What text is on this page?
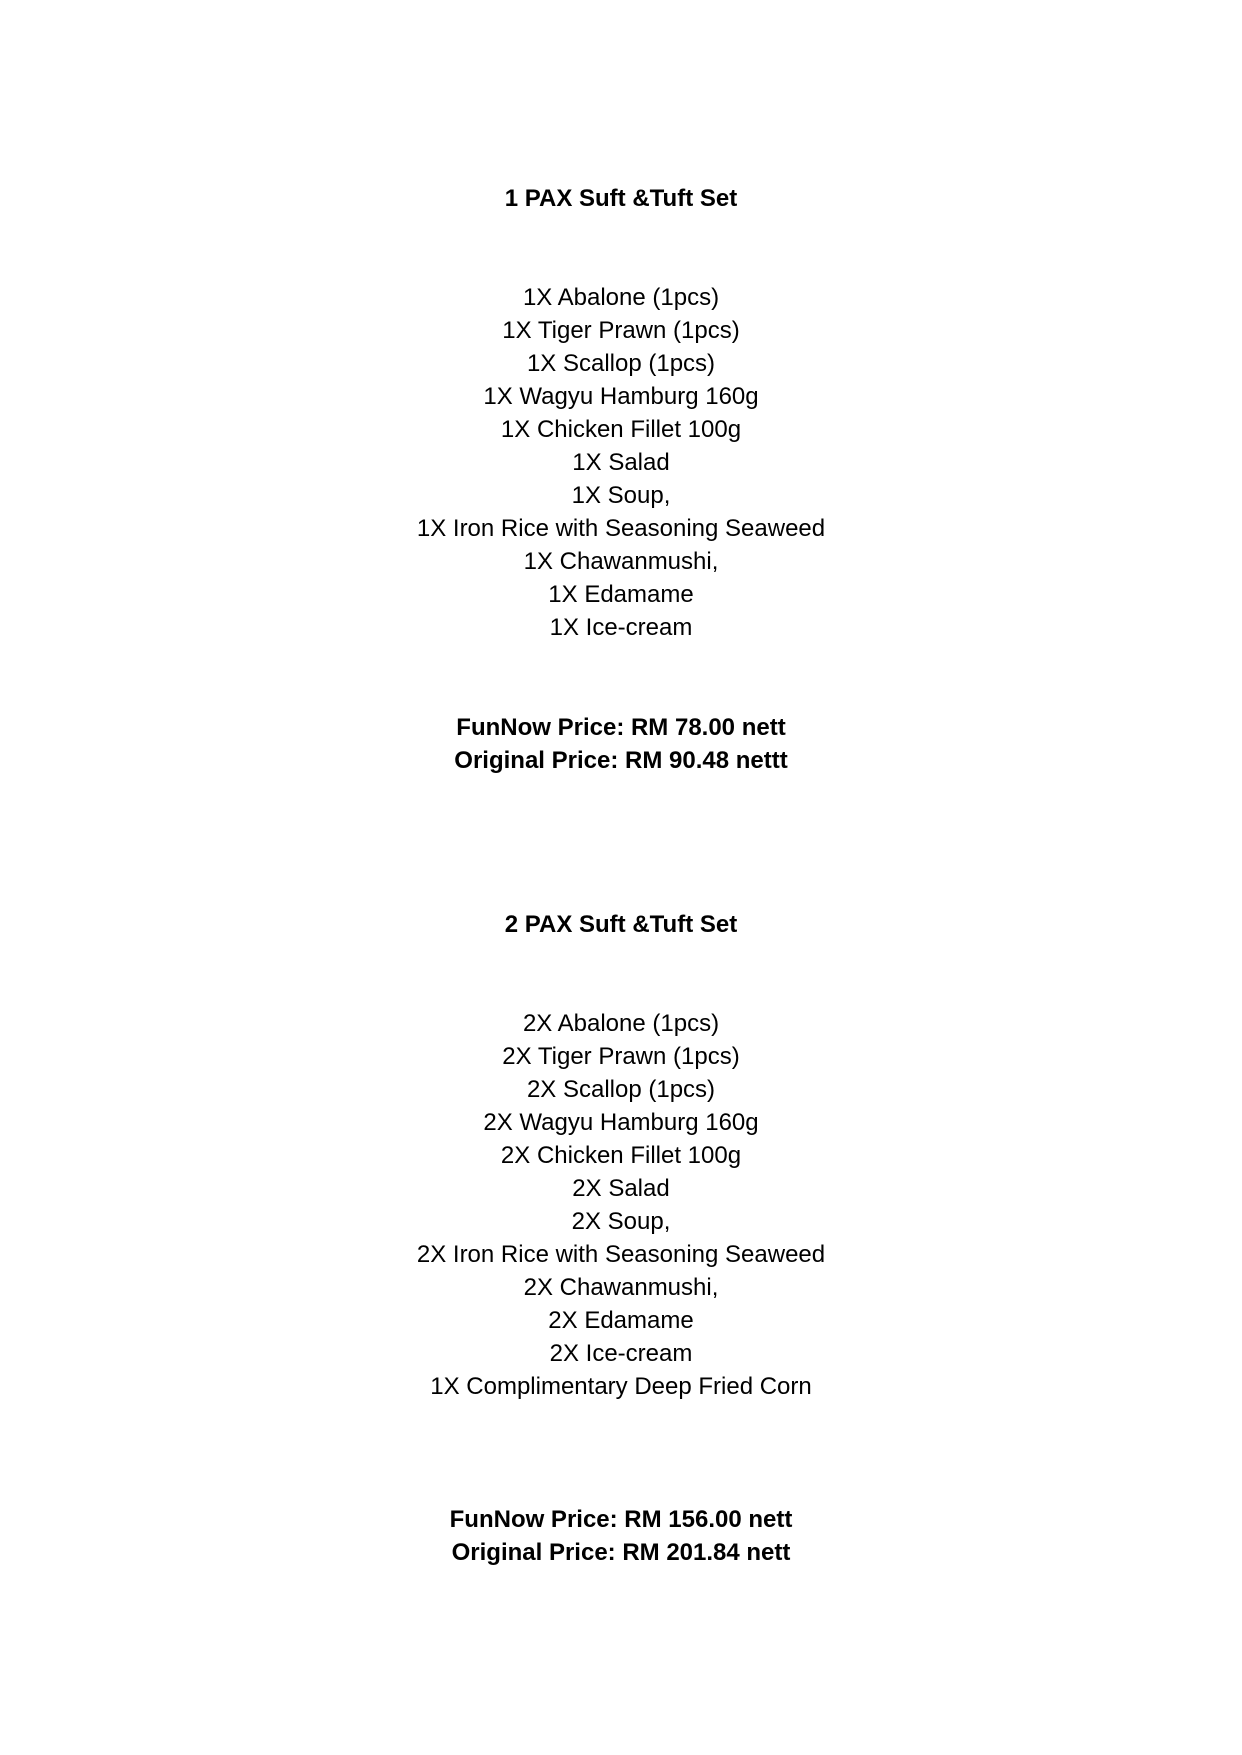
1 PAX Suft &Tuft Set
1X Abalone (1pcs)
1X Tiger Prawn (1pcs)
1X Scallop (1pcs)
1X Wagyu Hamburg 160g
1X Chicken Fillet 100g
1X Salad
1X Soup,
1X Iron Rice with Seasoning Seaweed
1X Chawanmushi,
1X Edamame
1X Ice-cream
FunNow Price: RM 78.00 nett
Original Price: RM 90.48 nettt
2 PAX Suft &Tuft Set
2X Abalone (1pcs)
2X Tiger Prawn (1pcs)
2X Scallop (1pcs)
2X Wagyu Hamburg 160g
2X Chicken Fillet 100g
2X Salad
2X Soup,
2X Iron Rice with Seasoning Seaweed
2X Chawanmushi,
2X Edamame
2X Ice-cream
1X Complimentary Deep Fried Corn
FunNow Price: RM 156.00 nett
Original Price: RM 201.84 nett
